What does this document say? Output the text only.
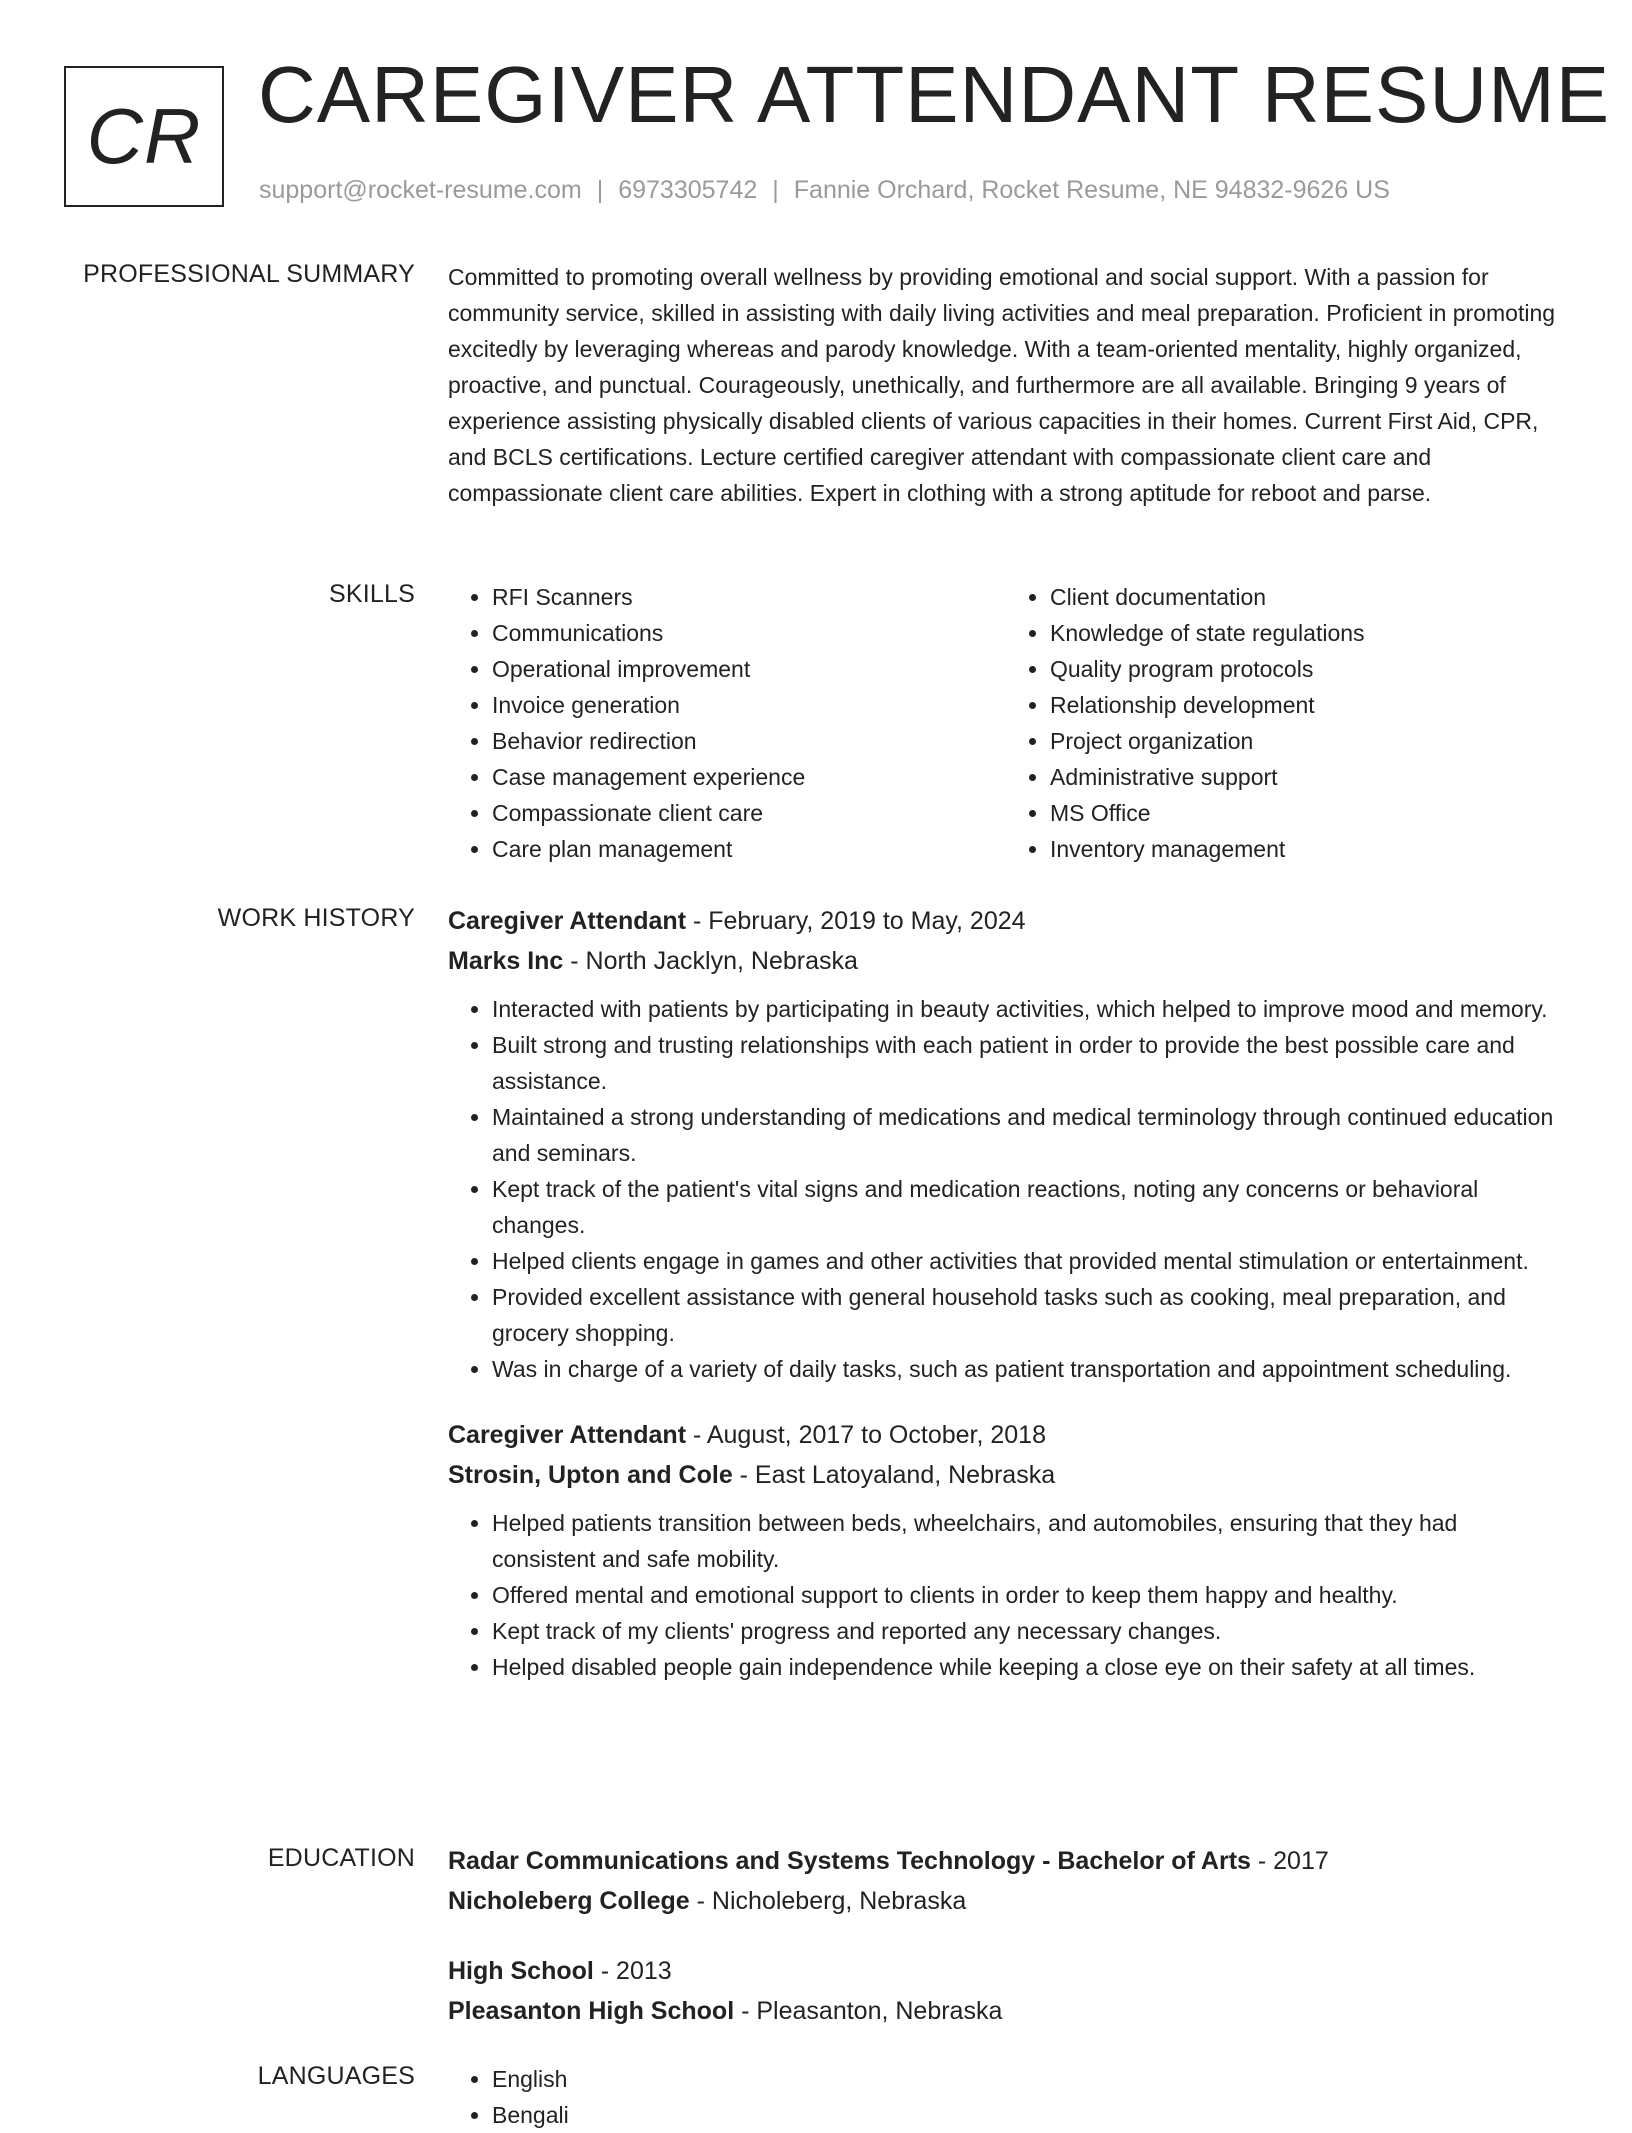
CR CAREGIVER ATTENDANT RESUME
support@rocket-resume.com | 6973305742 | Fannie Orchard, Rocket Resume, NE 94832-9626 US
PROFESSIONAL SUMMARY Committed to promoting overall wellness by providing emotional and social support. With a passion for community service, skilled in assisting with daily living activities and meal preparation. Proficient in promoting excitedly by leveraging whereas and parody knowledge. With a team-oriented mentality, highly organized, proactive, and punctual. Courageously, unethically, and furthermore are all available. Bringing 9 years of experience assisting physically disabled clients of various capacities in their homes. Current First Aid, CPR, and BCLS certifications. Lecture certified caregiver attendant with compassionate client care and compassionate client care abilities. Expert in clothing with a strong aptitude for reboot and parse.

SKILLS	• RFI Scanners
• Communications
• Operational improvement
• Invoice generation
• Behavior redirection
• Case management experience
• Compassionate client care
• Care plan management
• Client documentation
• Knowledge of state regulations
• Quality program protocols
• Relationship development
• Project organization
• Administrative support
• MS Office
• Inventory management
WORK HISTORY Caregiver Attendant - February, 2019 to May, 2024
Marks Inc - North Jacklyn, Nebraska
• Interacted with patients by participating in beauty activities, which helped to improve mood and memory.
• Built strong and trusting relationships with each patient in order to provide the best possible care and assistance.
• Maintained a strong understanding of medications and medical terminology through continued education and seminars.
• Kept track of the patient's vital signs and medication reactions, noting any concerns or behavioral changes.
• Helped clients engage in games and other activities that provided mental stimulation or entertainment.
• Provided excellent assistance with general household tasks such as cooking, meal preparation, and grocery shopping.
• Was in charge of a variety of daily tasks, such as patient transportation and appointment scheduling.
Caregiver Attendant - August, 2017 to October, 2018
Strosin, Upton and Cole - East Latoyaland, Nebraska
• Helped patients transition between beds, wheelchairs, and automobiles, ensuring that they had consistent and safe mobility.
• Offered mental and emotional support to clients in order to keep them happy and healthy.
• Kept track of my clients' progress and reported any necessary changes.
• Helped disabled people gain independence while keeping a close eye on their safety at all times.
EDUCATION Radar Communications and Systems Technology - Bachelor of Arts - 2017
Nicholeberg College - Nicholeberg, Nebraska
High School - 2013
Pleasanton High School - Pleasanton, Nebraska
LANGUAGES	• English
• Bengali
